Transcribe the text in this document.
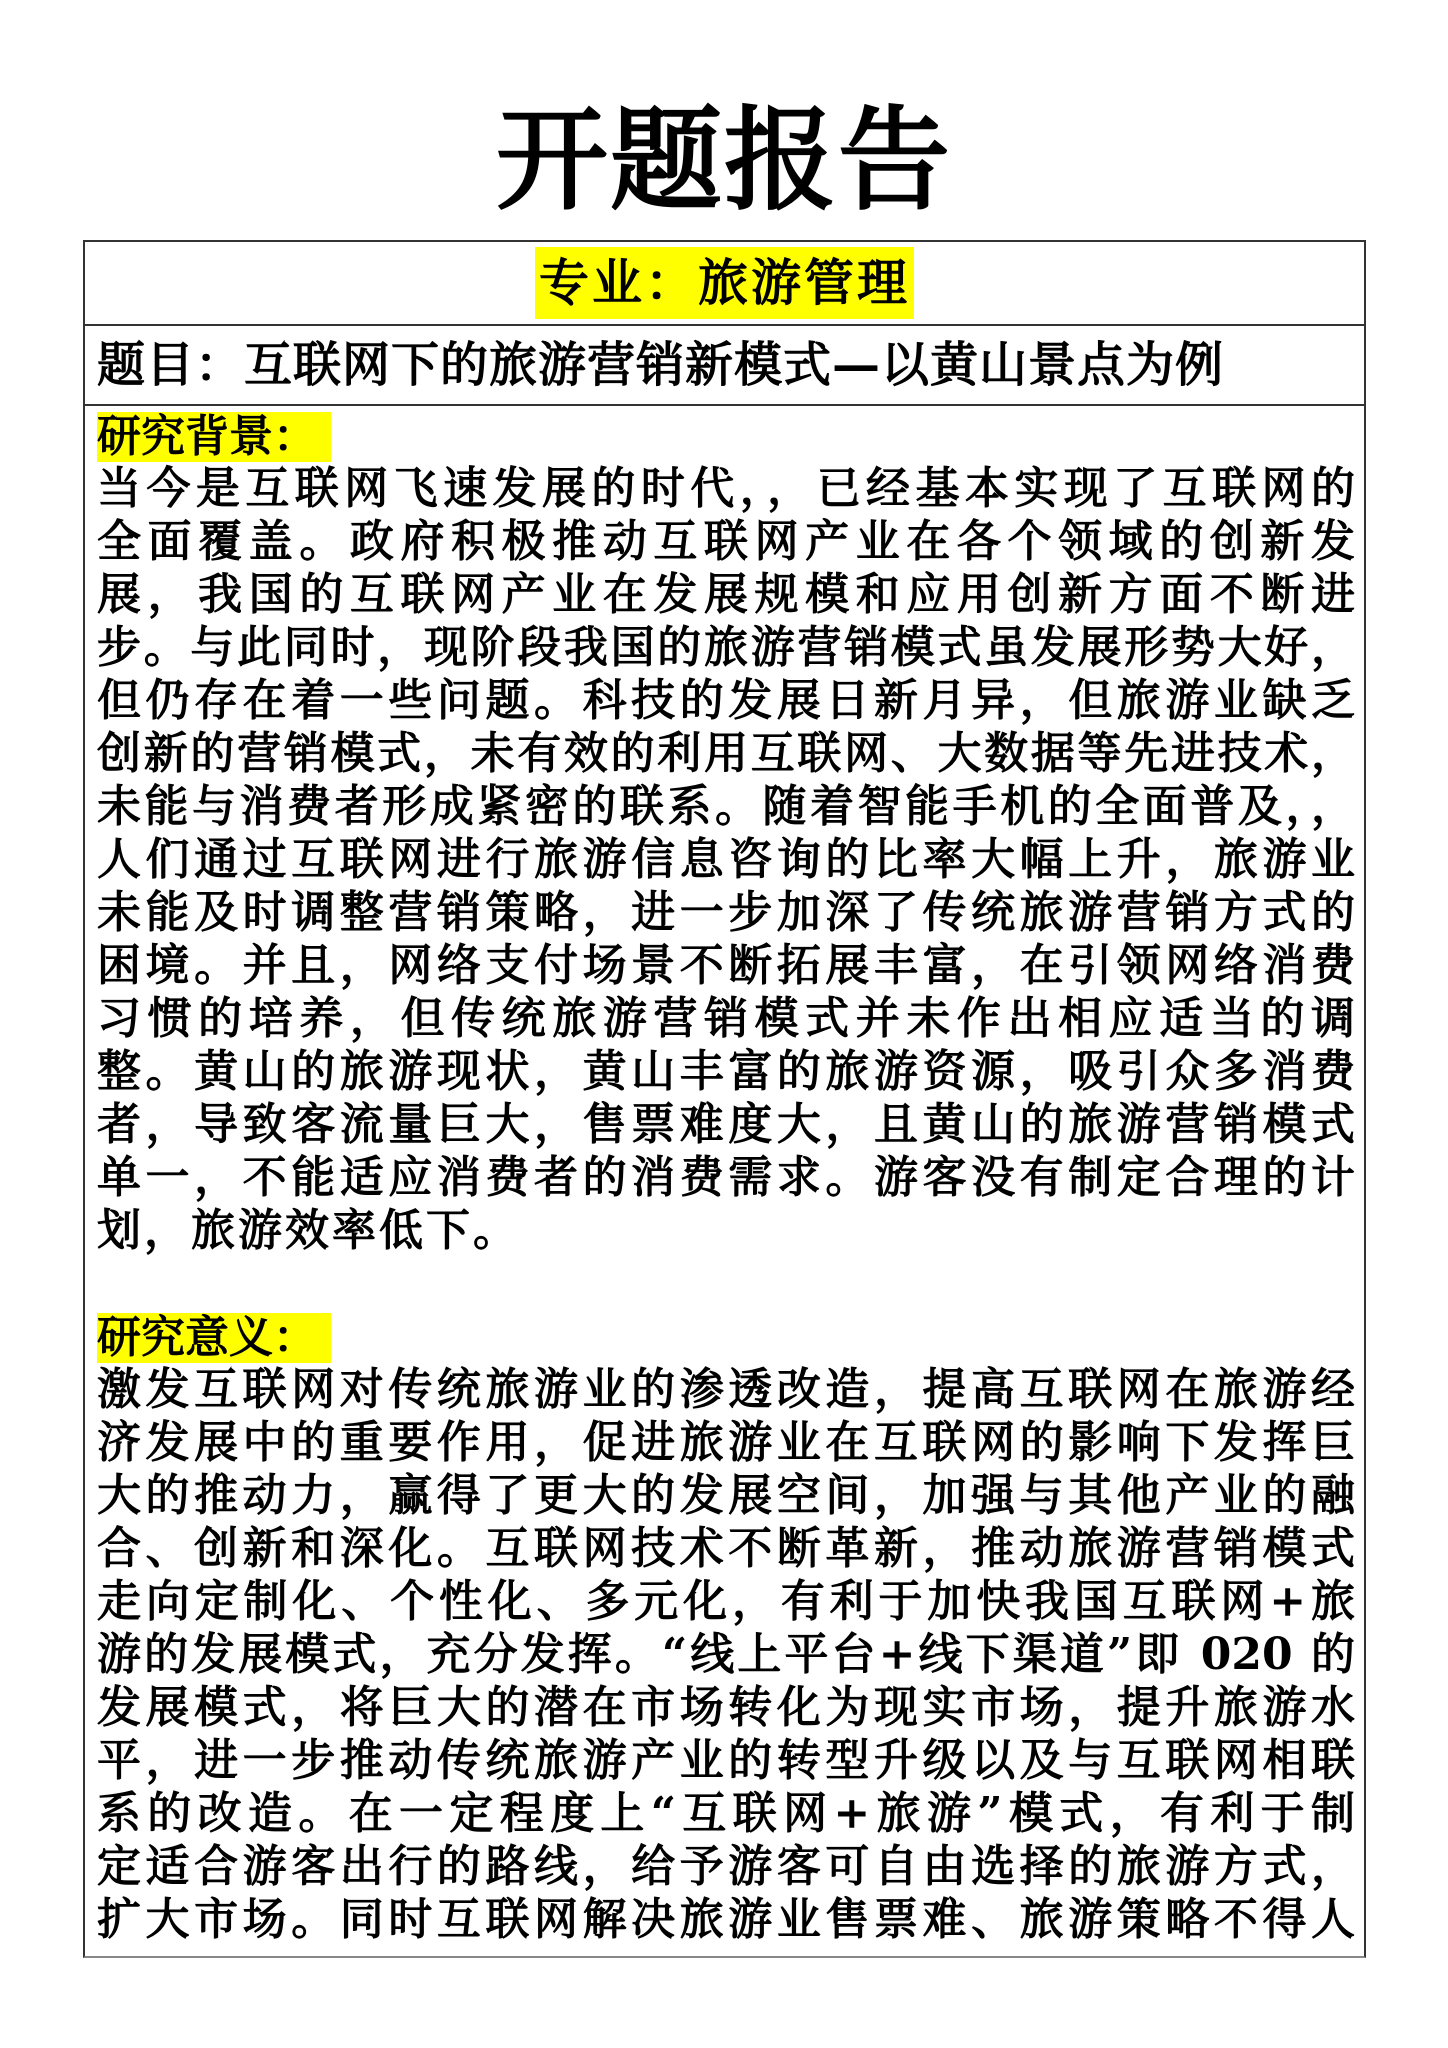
开题报告
专业：旅游管理
题目：互联网下的旅游营销新模式—以黄山景点为例
研究背景：
当今是互联网飞速发展的时代，，已经基本实现了互联网的
全面覆盖。政府积极推动互联网产业在各个领域的创新发
展，我国的互联网产业在发展规模和应用创新方面不断进
步。与此同时，现阶段我国的旅游营销模式虽发展形势大好，
但仍存在着一些问题。科技的发展日新月异，但旅游业缺乏
创新的营销模式，未有效的利用互联网、大数据等先进技术，
未能与消费者形成紧密的联系。随着智能手机的全面普及，，
人们通过互联网进行旅游信息咨询的比率大幅上升，旅游业
未能及时调整营销策略，进一步加深了传统旅游营销方式的
困境。并且，网络支付场景不断拓展丰富，在引领网络消费
习惯的培养，但传统旅游营销模式并未作出相应适当的调
整。黄山的旅游现状，黄山丰富的旅游资源，吸引众多消费
者，导致客流量巨大，售票难度大，且黄山的旅游营销模式
单一，不能适应消费者的消费需求。游客没有制定合理的计
划，旅游效率低下。
研究意义：
激发互联网对传统旅游业的渗透改造，提高互联网在旅游经
济发展中的重要作用，促进旅游业在互联网的影响下发挥巨
大的推动力，赢得了更大的发展空间，加强与其他产业的融
合、创新和深化。互联网技术不断革新，推动旅游营销模式
走向定制化、个性化、多元化，有利于加快我国互联网+旅
游的发展模式，充分发挥。“线上平台+线下渠道”即 020 的
发展模式，将巨大的潜在市场转化为现实市场，提升旅游水
平，进一步推动传统旅游产业的转型升级以及与互联网相联
系的改造。在一定程度上“互联网+旅游”模式，有利于制
定适合游客出行的路线，给予游客可自由选择的旅游方式，
扩大市场。同时互联网解决旅游业售票难、旅游策略不得人
